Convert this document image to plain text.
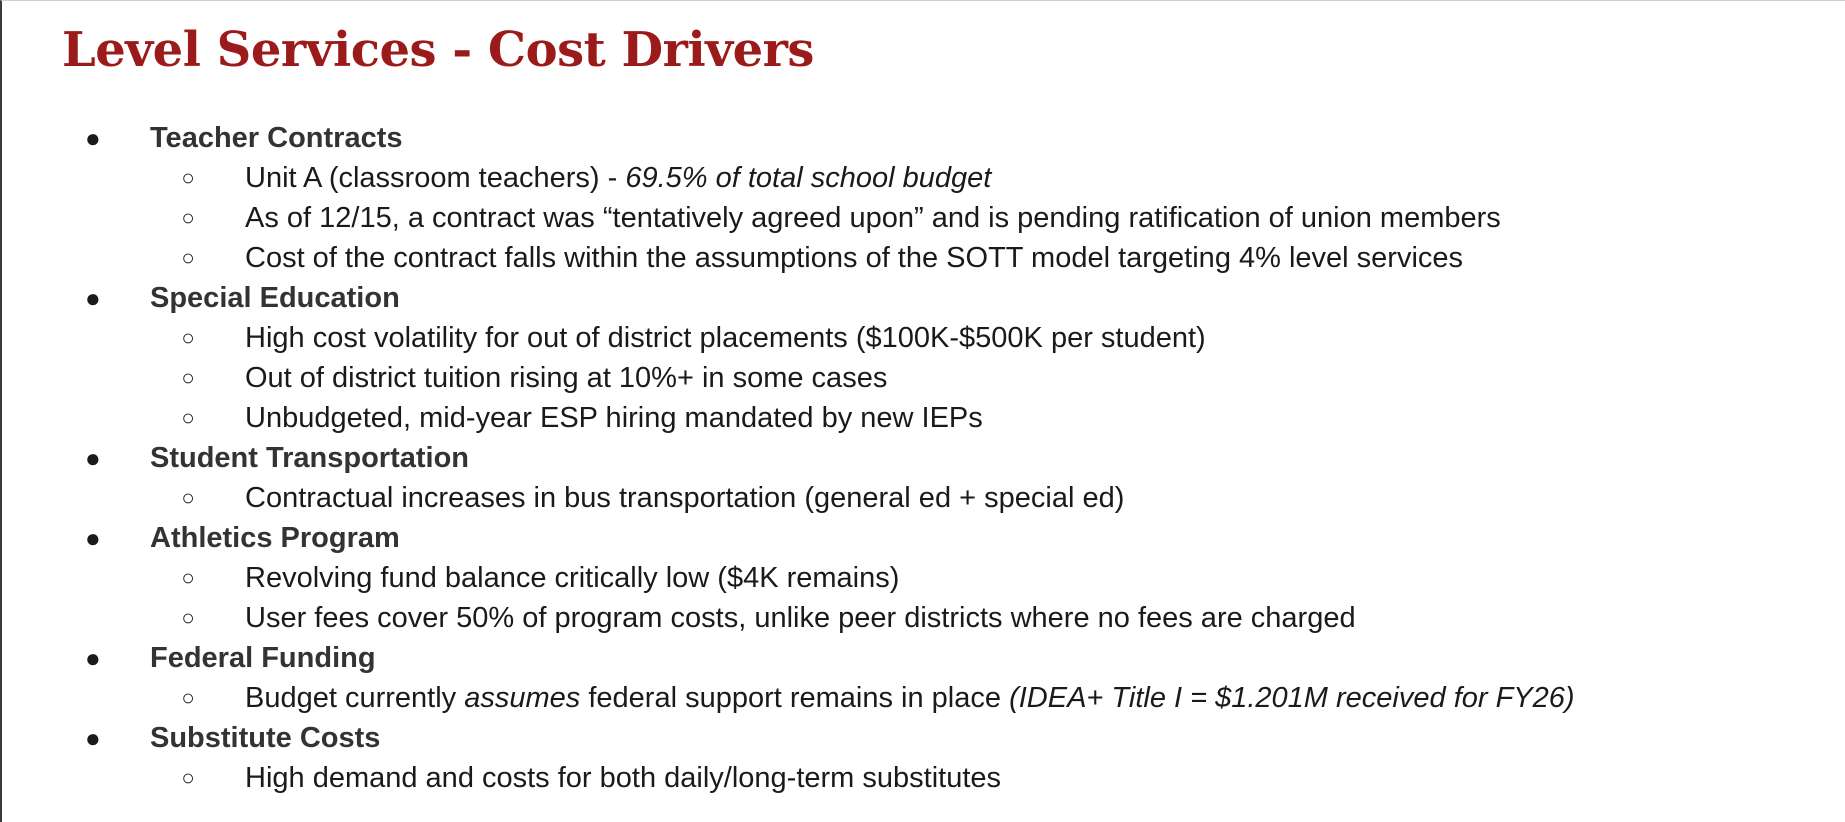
Level Services - Cost Drivers
● Teacher Contracts
○ Unit A (classroom teachers) - 69.5% of total school budget
○ As of 12/15, a contract was “tentatively agreed upon” and is pending ratification of union members
○ Cost of the contract falls within the assumptions of the SOTT model targeting 4% level services
● Special Education
○ High cost volatility for out of district placements ($100K-$500K per student)
○ Out of district tuition rising at 10%+ in some cases
○ Unbudgeted, mid-year ESP hiring mandated by new IEPs
● Student Transportation
○ Contractual increases in bus transportation (general ed + special ed)
● Athletics Program
○ Revolving fund balance critically low ($4K remains)
○ User fees cover 50% of program costs, unlike peer districts where no fees are charged
● Federal Funding
○ Budget currently assumes federal support remains in place (IDEA+ Title I = $1.201M received for FY26)
● Substitute Costs
○ High demand and costs for both daily/long-term substitutes
